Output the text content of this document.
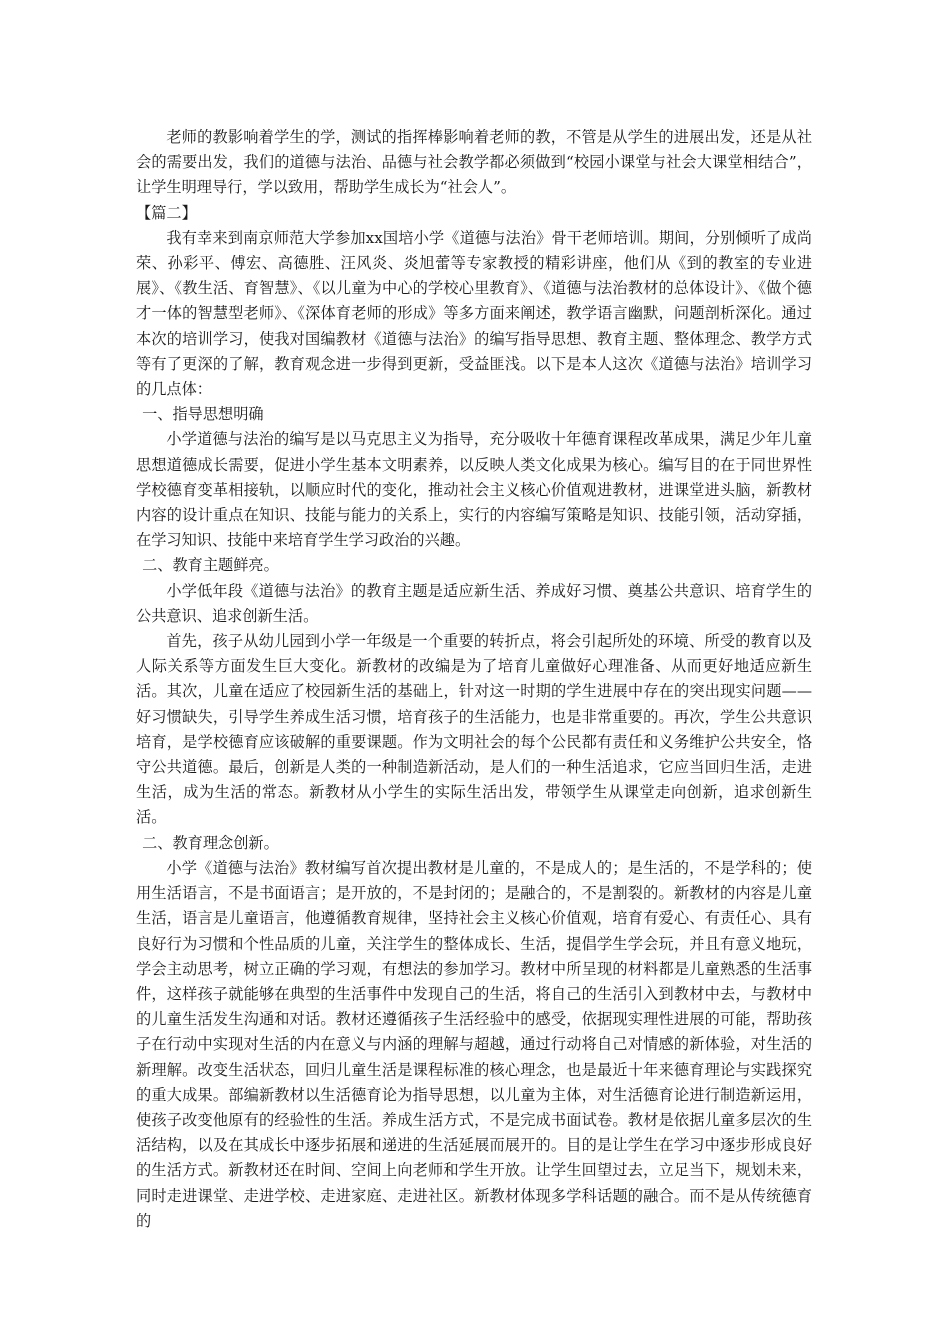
老师的教影响着学生的学，测试的指挥棒影响着老师的教，不管是从学生的进展出发，还是从社会的需要出发，我们的道德与法治、品德与社会教学都必须做到“校园小课堂与社会大课堂相结合”，让学生明理导行，学以致用，帮助学生成长为“社会人”。

【篇二】

我有幸来到南京师范大学参加xx国培小学《道德与法治》骨干老师培训。期间，分别倾听了成尚荣、孙彩平、傅宏、高德胜、汪风炎、炎旭蕾等专家教授的精彩讲座，他们从《到的教室的专业进展》、《教生活、育智慧》、《以儿童为中心的学校心里教育》、《道德与法治教材的总体设计》、《做个德才一体的智慧型老师》、《深体育老师的形成》等多方面来阐述，教学语言幽默，问题剖析深化。通过本次的培训学习，使我对国编教材《道德与法治》的编写指导思想、教育主题、整体理念、教学方式等有了更深的了解，教育观念进一步得到更新，受益匪浅。以下是本人这次《道德与法治》培训学习的几点体：

一、指导思想明确

小学道德与法治的编写是以马克思主义为指导，充分吸收十年德育课程改革成果，满足少年儿童思想道德成长需要，促进小学生基本文明素养，以反映人类文化成果为核心。编写目的在于同世界性学校德育变革相接轨，以顺应时代的变化，推动社会主义核心价值观进教材，进课堂进头脑，新教材内容的设计重点在知识、技能与能力的关系上，实行的内容编写策略是知识、技能引领，活动穿插，在学习知识、技能中来培育学生学习政治的兴趣。

二、教育主题鲜亮。

小学低年段《道德与法治》的教育主题是适应新生活、养成好习惯、奠基公共意识、培育学生的公共意识、追求创新生活。

首先，孩子从幼儿园到小学一年级是一个重要的转折点，将会引起所处的环境、所受的教育以及人际关系等方面发生巨大变化。新教材的改编是为了培育儿童做好心理准备、从而更好地适应新生活。其次，儿童在适应了校园新生活的基础上，针对这一时期的学生进展中存在的突出现实问题——好习惯缺失，引导学生养成生活习惯，培育孩子的生活能力，也是非常重要的。再次，学生公共意识培育，是学校德育应该破解的重要课题。作为文明社会的每个公民都有责任和义务维护公共安全，恪守公共道德。最后，创新是人类的一种制造新活动，是人们的一种生活追求，它应当回归生活，走进生活，成为生活的常态。新教材从小学生的实际生活出发，带领学生从课堂走向创新，追求创新生活。

二、教育理念创新。

小学《道德与法治》教材编写首次提出教材是儿童的，不是成人的；是生活的，不是学科的；使用生活语言，不是书面语言；是开放的，不是封闭的；是融合的，不是割裂的。新教材的内容是儿童生活，语言是儿童语言，他遵循教育规律，坚持社会主义核心价值观，培育有爱心、有责任心、具有良好行为习惯和个性品质的儿童，关注学生的整体成长、生活，提倡学生学会玩，并且有意义地玩，学会主动思考，树立正确的学习观，有想法的参加学习。教材中所呈现的材料都是儿童熟悉的生活事件，这样孩子就能够在典型的生活事件中发现自己的生活，将自己的生活引入到教材中去，与教材中的儿童生活发生沟通和对话。教材还遵循孩子生活经验中的感受，依据现实理性进展的可能，帮助孩子在行动中实现对生活的内在意义与内涵的理解与超越，通过行动将自己对情感的新体验，对生活的新理解。改变生活状态，回归儿童生活是课程标准的核心理念，也是最近十年来德育理论与实践探究的重大成果。部编新教材以生活德育论为指导思想，以儿童为主体，对生活德育论进行制造新运用，使孩子改变他原有的经验性的生活。养成生活方式，不是完成书面试卷。教材是依据儿童多层次的生活结构，以及在其成长中逐步拓展和递进的生活延展而展开的。目的是让学生在学习中逐步形成良好的生活方式。新教材还在时间、空间上向老师和学生开放。让学生回望过去，立足当下，规划未来，同时走进课堂、走进学校、走进家庭、走进社区。新教材体现多学科话题的融合。而不是从传统德育的
